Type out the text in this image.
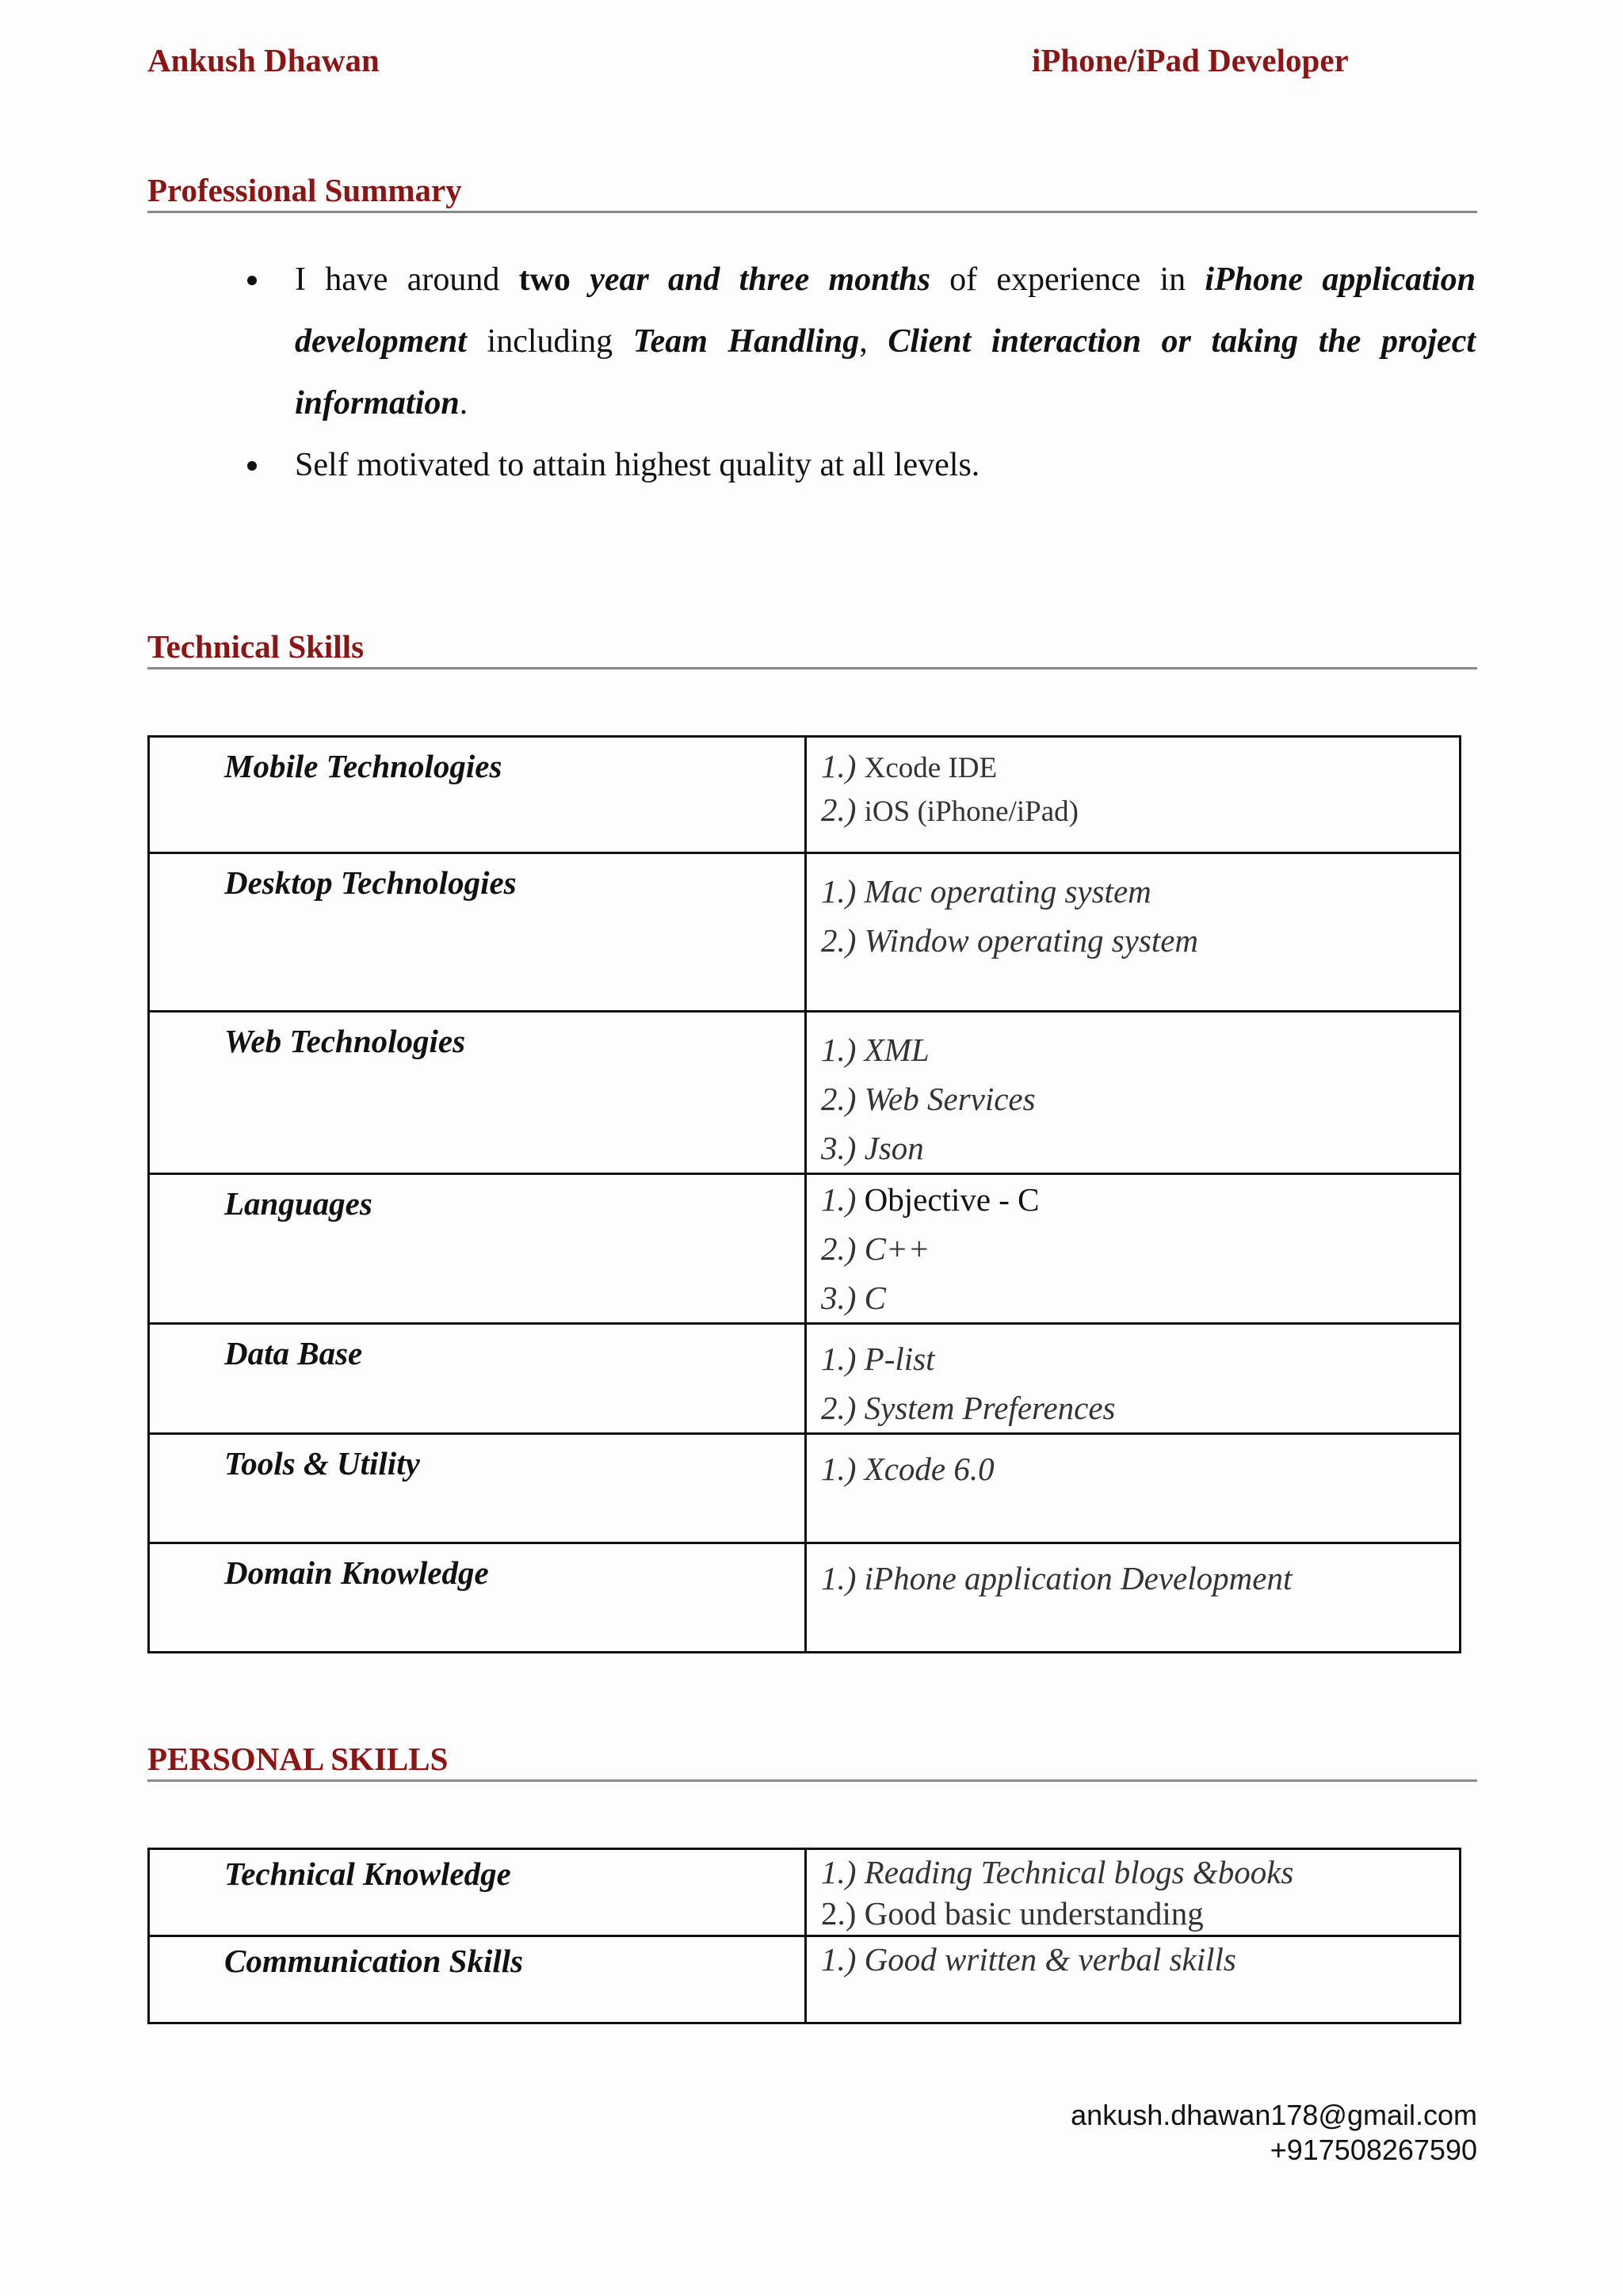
Ankush Dhawan	iPhone/iPad Developer
Professional Summary
I have around two year and three months of experience in iPhone application development including Team Handling, Client interaction or taking the project information.
Self motivated to attain highest quality at all levels.
Technical Skills
Mobile Technologies	1.) Xcode IDE
2.) iOS (iPhone/iPad)

Desktop Technologies	1.) Mac operating system
2.) Window operating system

Web Technologies	1.) XML
2.) Web Services
3.) Json

Languages	1.) Objective - C
2.) C++
3.) C

Data Base	1.) P-list
2.) System Preferences

Tools & Utility	1.) Xcode 6.0

Domain Knowledge	1.) iPhone application Development
PERSONAL SKILLS
Technical Knowledge	1.) Reading Technical blogs &books
2.) Good basic understanding

Communication Skills	1.) Good written & verbal skills
ankush.dhawan178@gmail.com
+917508267590
